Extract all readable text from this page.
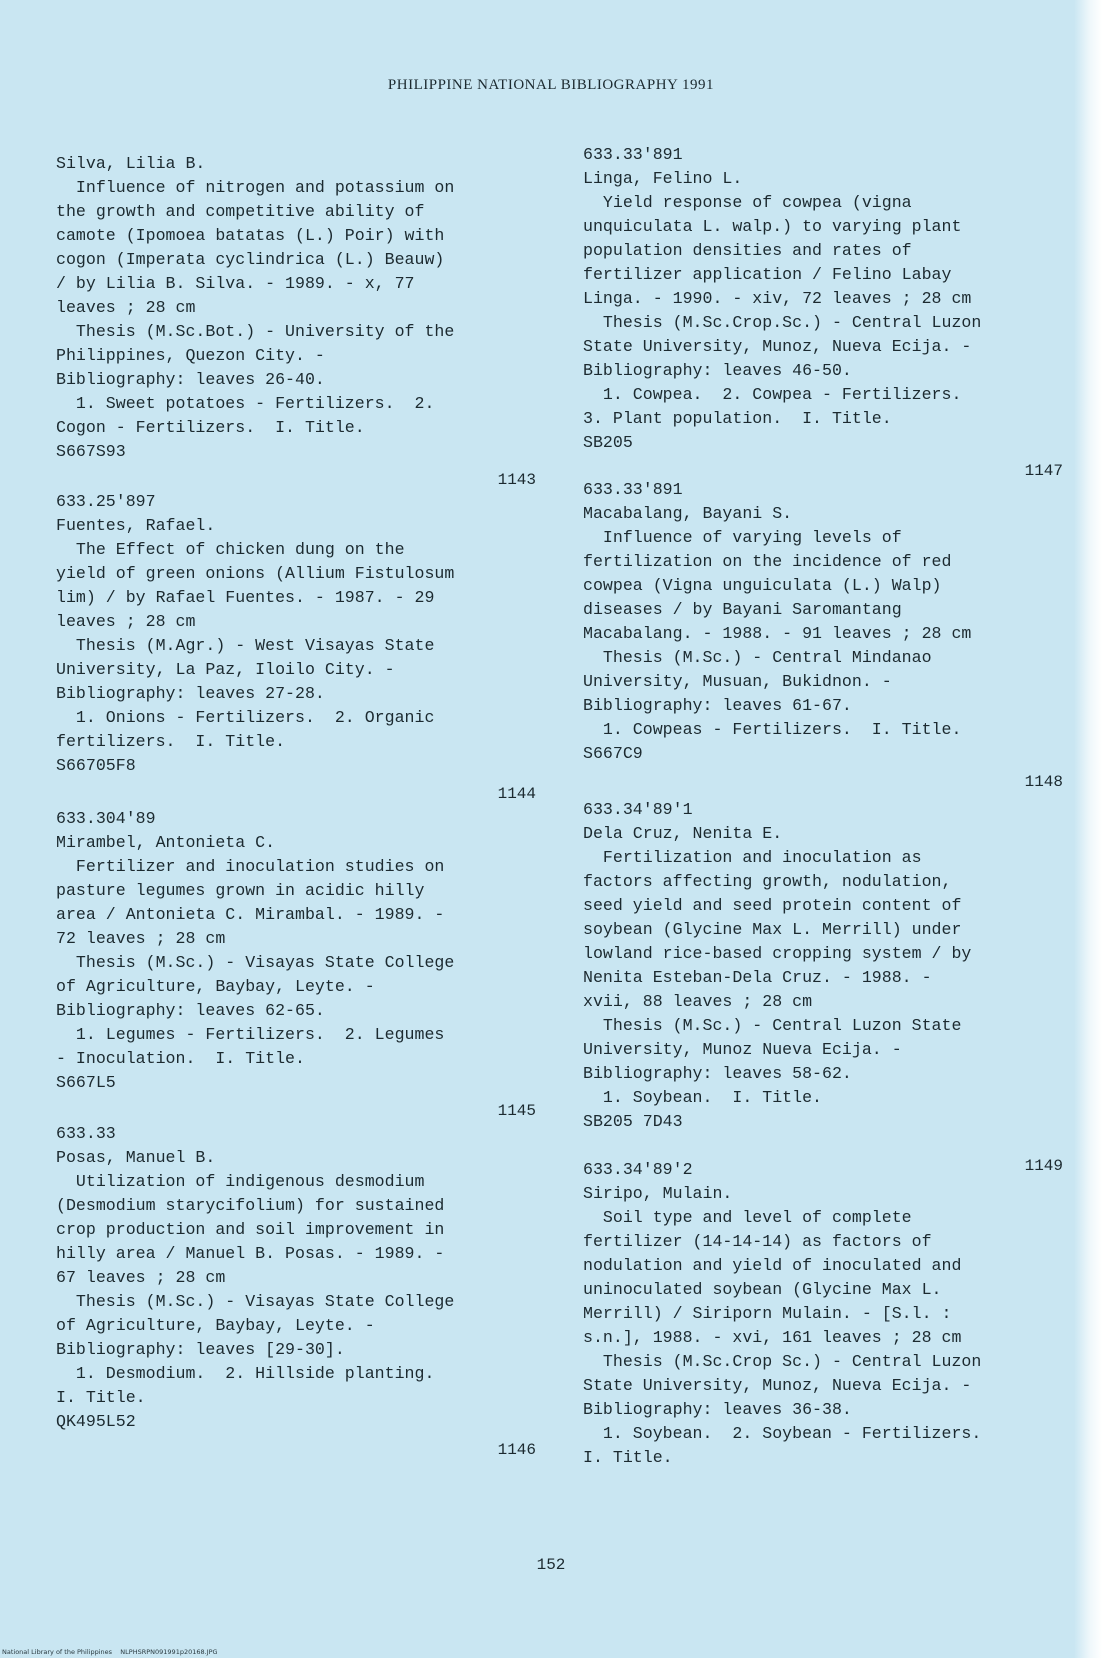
PHILIPPINE NATIONAL BIBLIOGRAPHY 1991
Silva, Lilia B.
Influence of nitrogen and potassium on
the growth and competitive ability of
camote (Ipomoea batatas (L.) Poir) with
cogon (Imperata cyclindrica (L.) Beauw)
/ by Lilia B. Silva. - 1989. - x, 77
leaves ; 28 cm
Thesis (M.Sc.Bot.) - University of the
Philippines, Quezon City. -
Bibliography: leaves 26-40.
1. Sweet potatoes - Fertilizers.  2.
Cogon - Fertilizers.  I. Title.
S667S93
1143
633.25'897
Fuentes, Rafael.
The Effect of chicken dung on the
yield of green onions (Allium Fistulosum
lim) / by Rafael Fuentes. - 1987. - 29
leaves ; 28 cm
Thesis (M.Agr.) - West Visayas State
University, La Paz, Iloilo City. -
Bibliography: leaves 27-28.
1. Onions - Fertilizers.  2. Organic
fertilizers.  I. Title.
S66705F8
1144
633.304'89
Mirambel, Antonieta C.
Fertilizer and inoculation studies on
pasture legumes grown in acidic hilly
area / Antonieta C. Mirambal. - 1989. -
72 leaves ; 28 cm
Thesis (M.Sc.) - Visayas State College
of Agriculture, Baybay, Leyte. -
Bibliography: leaves 62-65.
1. Legumes - Fertilizers.  2. Legumes
- Inoculation.  I. Title.
S667L5
1145
633.33
Posas, Manuel B.
Utilization of indigenous desmodium
(Desmodium starycifolium) for sustained
crop production and soil improvement in
hilly area / Manuel B. Posas. - 1989. -
67 leaves ; 28 cm
Thesis (M.Sc.) - Visayas State College
of Agriculture, Baybay, Leyte. -
Bibliography: leaves [29-30].
1. Desmodium.  2. Hillside planting.
I. Title.
QK495L52
1146
633.33'891
Linga, Felino L.
Yield response of cowpea (vigna
unquiculata L. walp.) to varying plant
population densities and rates of
fertilizer application / Felino Labay
Linga. - 1990. - xiv, 72 leaves ; 28 cm
Thesis (M.Sc.Crop.Sc.) - Central Luzon
State University, Munoz, Nueva Ecija. -
Bibliography: leaves 46-50.
1. Cowpea.  2. Cowpea - Fertilizers.
3. Plant population.  I. Title.
SB205
1147
633.33'891
Macabalang, Bayani S.
Influence of varying levels of
fertilization on the incidence of red
cowpea (Vigna unguiculata (L.) Walp)
diseases / by Bayani Saromantang
Macabalang. - 1988. - 91 leaves ; 28 cm
Thesis (M.Sc.) - Central Mindanao
University, Musuan, Bukidnon. -
Bibliography: leaves 61-67.
1. Cowpeas - Fertilizers.  I. Title.
S667C9
1148
633.34'89'1
Dela Cruz, Nenita E.
Fertilization and inoculation as
factors affecting growth, nodulation,
seed yield and seed protein content of
soybean (Glycine Max L. Merrill) under
lowland rice-based cropping system / by
Nenita Esteban-Dela Cruz. - 1988. -
xvii, 88 leaves ; 28 cm
Thesis (M.Sc.) - Central Luzon State
University, Munoz Nueva Ecija. -
Bibliography: leaves 58-62.
1. Soybean.  I. Title.
SB205 7D43
1149
633.34'89'2
Siripo, Mulain.
Soil type and level of complete
fertilizer (14-14-14) as factors of
nodulation and yield of inoculated and
uninoculated soybean (Glycine Max L.
Merrill) / Siriporn Mulain. - [S.l. :
s.n.], 1988. - xvi, 161 leaves ; 28 cm
Thesis (M.Sc.Crop Sc.) - Central Luzon
State University, Munoz, Nueva Ecija. -
Bibliography: leaves 36-38.
1. Soybean.  2. Soybean - Fertilizers.
I. Title.
152
National Library of the Philippines    NLPHSRPN091991p20168.JPG
